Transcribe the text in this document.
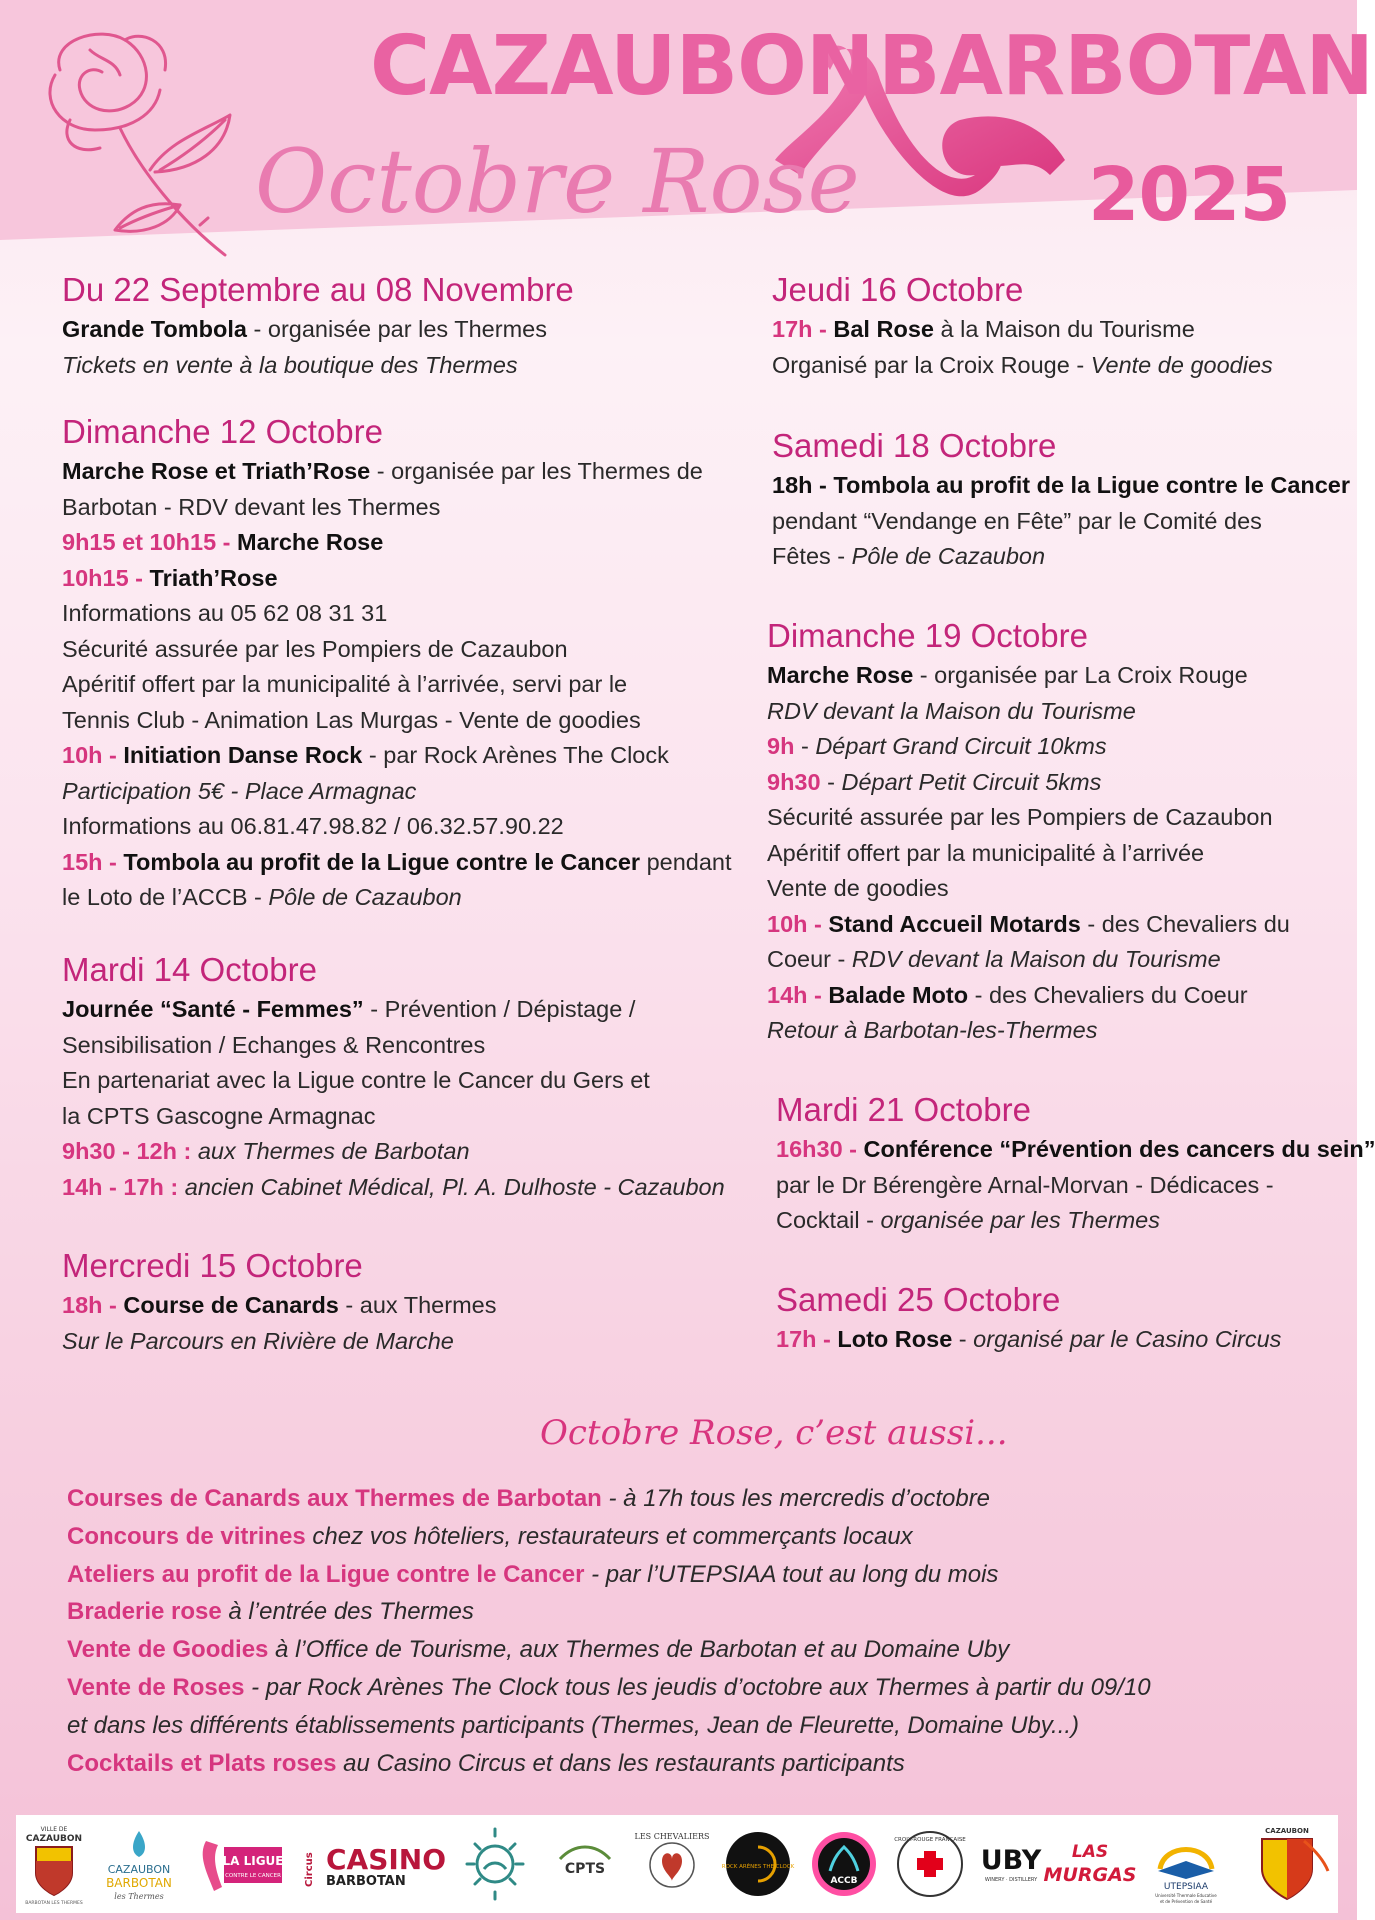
CAZAUBON BARBOTAN
Octobre Rose	2025
Du 22 Septembre au 08 Novembre
Grande Tombola - organisée par les Thermes
Tickets en vente à la boutique des Thermes
Dimanche 12 Octobre
Marche Rose et Triath’Rose - organisée par les Thermes de
Barbotan - RDV devant les Thermes
9h15 et 10h15 - Marche Rose
10h15 - Triath’Rose
Informations au 05 62 08 31 31
Sécurité assurée par les Pompiers de Cazaubon
Apéritif offert par la municipalité à l’arrivée, servi par le
Tennis Club - Animation Las Murgas - Vente de goodies
10h - Initiation Danse Rock - par Rock Arènes The Clock
Participation 5€ - Place Armagnac
Informations au 06.81.47.98.82 / 06.32.57.90.22
15h - Tombola au profit de la Ligue contre le Cancer pendant
le Loto de l’ACCB - Pôle de Cazaubon
Mardi 14 Octobre
Journée “Santé - Femmes” - Prévention / Dépistage /
Sensibilisation / Echanges & Rencontres
En partenariat avec la Ligue contre le Cancer du Gers et
la CPTS Gascogne Armagnac
9h30 - 12h : aux Thermes de Barbotan
14h - 17h : ancien Cabinet Médical, Pl. A. Dulhoste - Cazaubon
Mercredi 15 Octobre
18h - Course de Canards - aux Thermes
Sur le Parcours en Rivière de Marche
Jeudi 16 Octobre
17h - Bal Rose à la Maison du Tourisme
Organisé par la Croix Rouge - Vente de goodies
Samedi 18 Octobre
18h - Tombola au profit de la Ligue contre le Cancer
pendant “Vendange en Fête” par le Comité des
Fêtes - Pôle de Cazaubon
Dimanche 19 Octobre
Marche Rose - organisée par La Croix Rouge
RDV devant la Maison du Tourisme
9h - Départ Grand Circuit 10kms
9h30 - Départ Petit Circuit 5kms
Sécurité assurée par les Pompiers de Cazaubon
Apéritif offert par la municipalité à l’arrivée
Vente de goodies
10h - Stand Accueil Motards - des Chevaliers du
Coeur - RDV devant la Maison du Tourisme
14h - Balade Moto - des Chevaliers du Coeur
Retour à Barbotan-les-Thermes
Mardi 21 Octobre
16h30 - Conférence “Prévention des cancers du sein”
par le Dr Bérengère Arnal-Morvan - Dédicaces -
Cocktail - organisée par les Thermes
Samedi 25 Octobre
17h - Loto Rose - organisé par le Casino Circus
Octobre Rose, c’est aussi...
Courses de Canards aux Thermes de Barbotan - à 17h tous les mercredis d’octobre
Concours de vitrines chez vos hôteliers, restaurateurs et commerçants locaux
Ateliers au profit de la Ligue contre le Cancer - par l’UTEPSIAA tout au long du mois
Braderie rose à l’entrée des Thermes
Vente de Goodies à l’Office de Tourisme, aux Thermes de Barbotan et au Domaine Uby
Vente de Roses - par Rock Arènes The Clock tous les jeudis d’octobre aux Thermes à partir du 09/10
et dans les différents établissements participants (Thermes, Jean de Fleurette, Domaine Uby...)
Cocktails et Plats roses au Casino Circus et dans les restaurants participants
VILLE DE
CAZAUBON
BARBOTAN LES THERMES
CAZAUBON
BARBOTAN
les Thermes
LA LIGUE
CONTRE LE CANCER Circus CASINO
BARBOTAN
CPTS
LES CHEVALIERS
ROCK ARÈNES THE CLOCK
ACCB
CROIX-ROUGE FRANÇAISE
UBY
WINERY · DISTILLERY
LAS
MURGAS
UTEPSIAA
Université Thermale Educative
et de Prévention de Santé
CAZAUBON
